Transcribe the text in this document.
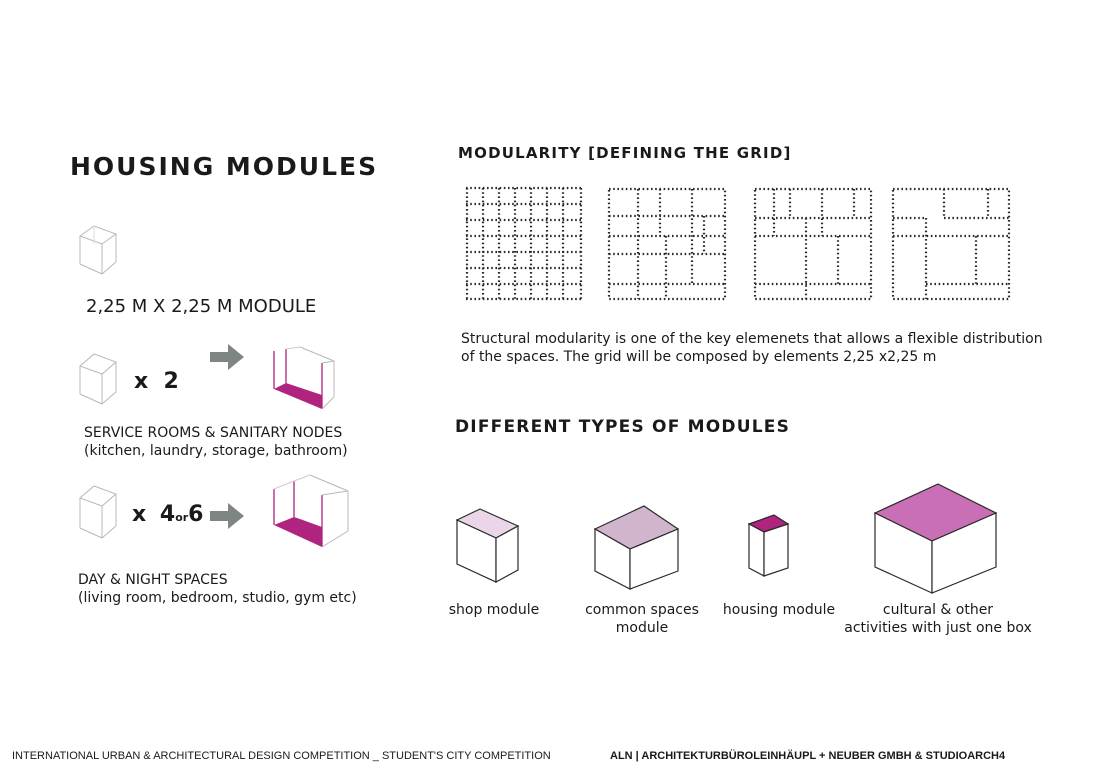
HOUSING MODULES
2,25 M X 2,25 M MODULE
x  2
SERVICE ROOMS & SANITARY NODES
(kitchen, laundry, storage, bathroom)
x 4or6
DAY & NIGHT SPACES
(living room, bedroom, studio, gym etc)
MODULARITY [DEFINING THE GRID]
Structural modularity is one of the key elemenets that allows a flexible distribution
of the spaces. The grid will be composed by elements 2,25 x2,25 m
DIFFERENT TYPES OF MODULES
shop module	common spaces
module
housing module	cultural & other
activities with just one box
INTERNATIONAL URBAN & ARCHITECTURAL DESIGN COMPETITION _ STUDENT'S CITY COMPETITION	ALN | ARCHITEKTURBÜROLEINHÄUPL + NEUBER GMBH & STUDIOARCH4
